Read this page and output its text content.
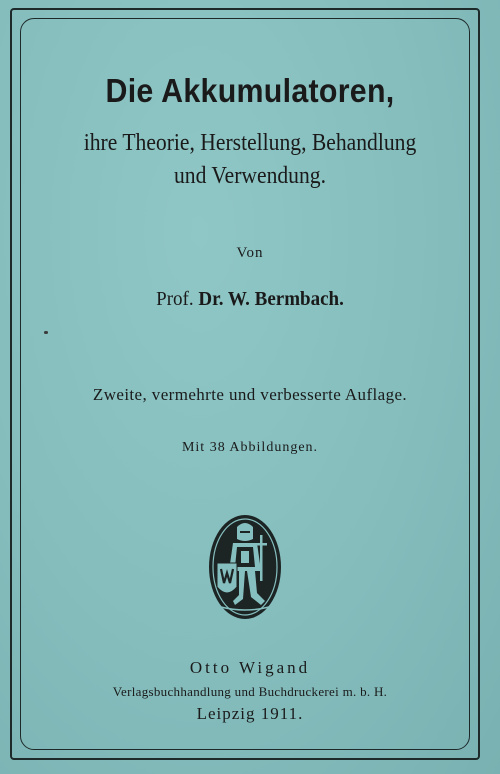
Die Akkumulatoren,
ihre Theorie, Herstellung, Behandlung
und Verwendung.
Von
Prof. Dr. W. Bermbach.
Zweite, vermehrte und verbesserte Auflage.
Mit 38 Abbildungen.
Otto Wigand
Verlagsbuchhandlung und Buchdruckerei m. b. H.
Leipzig 1911.
